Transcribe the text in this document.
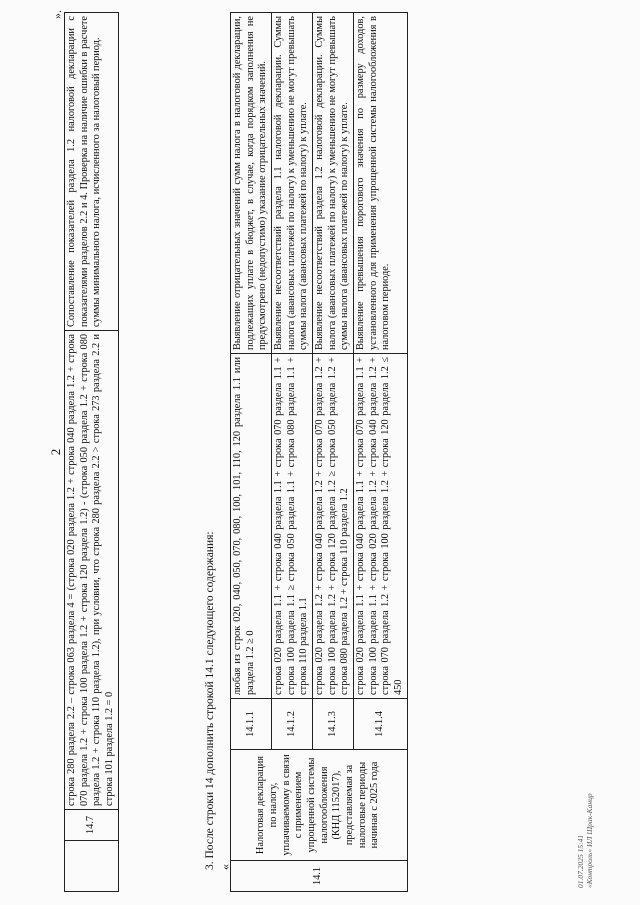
2
	14.7	строка 280 раздела 2.2 – строка 063 раздела 4 = (строка 020 раздела 1.2 + строка 040 раздела 1.2 + строка 070 раздела 1.2 + строка 100 раздела 1.2 + строка 120 раздела 1.2) - (строка 050 раздела 1.2 + строка 080 раздела 1.2 + строка 110 раздела 1.2), при условии, что строка 280 раздела 2.2 > строка 273 раздела 2.2 и строка 101 раздела 1.2 = 0	Сопоставление показателей раздела 1.2 налоговой декларации с показателями разделов 2.2 и 4. Проверка на наличие ошибки в расчете суммы минимального налога, исчисленного за налоговый период.
».
3. После строки 14 дополнить строкой 14.1 следующего содержания: «	14.1	Налоговая декларация по налогу, уплачиваемому в связи с применением упрощенной системы налогообложения (КНД 1152017), представляемая за налоговые периоды начиная с 2025 года	14.1.1	любая из строк 020, 040, 050, 070, 080, 100, 101, 110, 120 раздела 1.1 или раздела 1.2 ≥ 0	Выявление отрицательных значений сумм налога в налоговой декларации, подлежащих уплате в бюджет, в случае, когда порядком заполнения не предусмотрено (недопустимо) указание отрицательных значений.
		14.1.2	строка 020 раздела 1.1 + строка 040 раздела 1.1 + строка 070 раздела 1.1 + строка 100 раздела 1.1 ≥ строка 050 раздела 1.1 + строка 080 раздела 1.1 + строка 110 раздела 1.1	Выявление несоответствий раздела 1.1 налоговой декларации. Суммы налога (авансовых платежей по налогу) к уменьшению не могут превышать суммы налога (авансовых платежей по налогу) к уплате.
		14.1.3	строка 020 раздела 1.2 + строка 040 раздела 1.2 + строка 070 раздела 1.2 + строка 100 раздела 1.2 + строка 120 раздела 1.2 ≥ строка 050 раздела 1.2 + строка 080 раздела 1.2 + строка 110 раздела 1.2	Выявление несоответствий раздела 1.2 налоговой декларации. Суммы налога (авансовых платежей по налогу) к уменьшению не могут превышать суммы налога (авансовых платежей по налогу) к уплате.
		14.1.4	строка 020 раздела 1.1 + строка 040 раздела 1.1 + строка 070 раздела 1.1 + строка 100 раздела 1.1 + строка 020 раздела 1.2 + строка 040 раздела 1.2 + строка 070 раздела 1.2 + строка 100 раздела 1.2 + строка 120 раздела 1.2 ≤ 450	Выявление превышения порогового значения по размеру доходов, установленного для применения упрощенной системы налогообложения в налоговом периоде.
01.07.2025 15:41 «Контроль» ИЛ Шрак-Канцр
